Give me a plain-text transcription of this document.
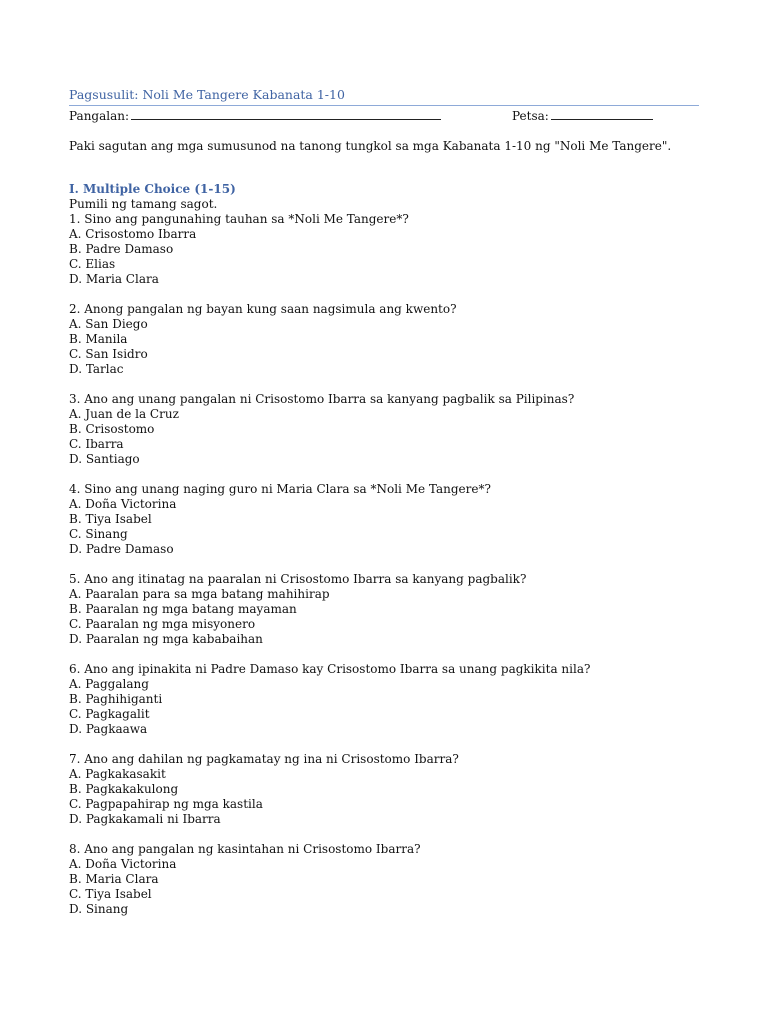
Pagsusulit: Noli Me Tangere Kabanata 1-10
Pangalan:	Petsa:
Paki sagutan ang mga sumusunod na tanong tungkol sa mga Kabanata 1-10 ng "Noli Me Tangere".
I. Multiple Choice (1-15)
Pumili ng tamang sagot.
1. Sino ang pangunahing tauhan sa *Noli Me Tangere*?
A. Crisostomo Ibarra
B. Padre Damaso
C. Elias
D. Maria Clara
2. Anong pangalan ng bayan kung saan nagsimula ang kwento?
A. San Diego
B. Manila
C. San Isidro
D. Tarlac
3. Ano ang unang pangalan ni Crisostomo Ibarra sa kanyang pagbalik sa Pilipinas?
A. Juan de la Cruz
B. Crisostomo
C. Ibarra
D. Santiago
4. Sino ang unang naging guro ni Maria Clara sa *Noli Me Tangere*?
A. Doña Victorina
B. Tiya Isabel
C. Sinang
D. Padre Damaso
5. Ano ang itinatag na paaralan ni Crisostomo Ibarra sa kanyang pagbalik?
A. Paaralan para sa mga batang mahihirap
B. Paaralan ng mga batang mayaman
C. Paaralan ng mga misyonero
D. Paaralan ng mga kababaihan
6. Ano ang ipinakita ni Padre Damaso kay Crisostomo Ibarra sa unang pagkikita nila?
A. Paggalang
B. Paghihiganti
C. Pagkagalit
D. Pagkaawa
7. Ano ang dahilan ng pagkamatay ng ina ni Crisostomo Ibarra?
A. Pagkakasakit
B. Pagkakakulong
C. Pagpapahirap ng mga kastila
D. Pagkakamali ni Ibarra
8. Ano ang pangalan ng kasintahan ni Crisostomo Ibarra?
A. Doña Victorina
B. Maria Clara
C. Tiya Isabel
D. Sinang
